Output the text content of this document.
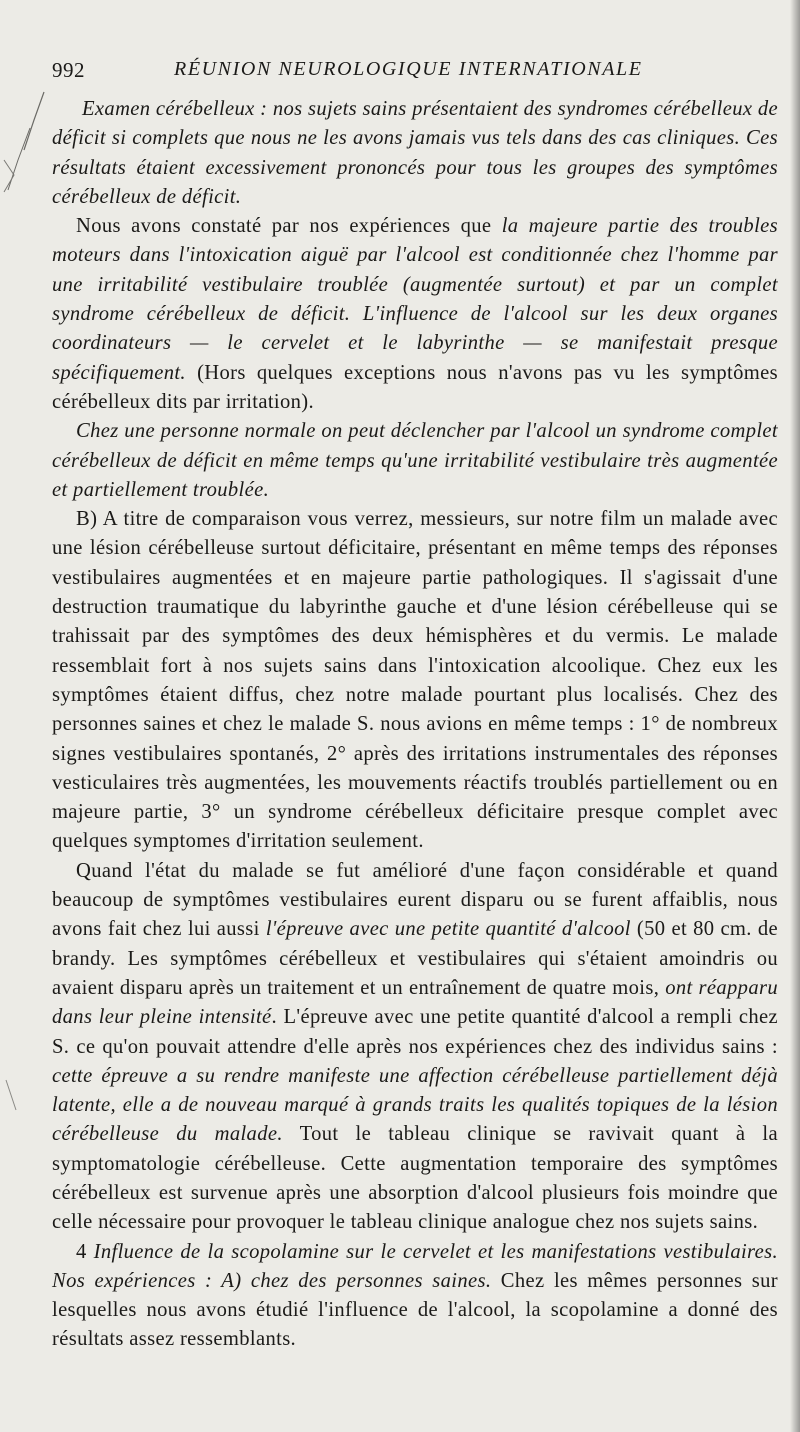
992	RÉUNION NEUROLOGIQUE INTERNATIONALE

Examen cérébelleux : nos sujets sains présentaient des syndromes cérébelleux de déficit si complets que nous ne les avons jamais vus tels dans des cas cliniques. Ces résultats étaient excessivement prononcés pour tous les groupes des symptômes cérébelleux de déficit.

Nous avons constaté par nos expériences que la majeure partie des troubles moteurs dans l'intoxication aiguë par l'alcool est conditionnée chez l'homme par une irritabilité vestibulaire troublée (augmentée surtout) et par un complet syndrome cérébelleux de déficit. L'influence de l'alcool sur les deux organes coordinateurs — le cervelet et le labyrinthe — se manifestait presque spécifiquement. (Hors quelques exceptions nous n'avons pas vu les symptômes cérébelleux dits par irritation).

Chez une personne normale on peut déclencher par l'alcool un syndrome complet cérébelleux de déficit en même temps qu'une irritabilité vestibulaire très augmentée et partiellement troublée.

B) A titre de comparaison vous verrez, messieurs, sur notre film un malade avec une lésion cérébelleuse surtout déficitaire, présentant en même temps des réponses vestibulaires augmentées et en majeure partie pathologiques. Il s'agissait d'une destruction traumatique du labyrinthe gauche et d'une lésion cérébelleuse qui se trahissait par des symptômes des deux hémisphères et du vermis. Le malade ressemblait fort à nos sujets sains dans l'intoxication alcoolique. Chez eux les symptômes étaient diffus, chez notre malade pourtant plus localisés. Chez des personnes saines et chez le malade S. nous avions en même temps : 1° de nombreux signes vestibulaires spontanés, 2° après des irritations instrumentales des réponses vesticulaires très augmentées, les mouvements réactifs troublés partiellement ou en majeure partie, 3° un syndrome cérébelleux déficitaire presque complet avec quelques symptomes d'irritation seulement.

Quand l'état du malade se fut amélioré d'une façon considérable et quand beaucoup de symptômes vestibulaires eurent disparu ou se furent affaiblis, nous avons fait chez lui aussi l'épreuve avec une petite quantité d'alcool (50 et 80 cm. de brandy. Les symptômes cérébelleux et vestibulaires qui s'étaient amoindris ou avaient disparu après un traitement et un entraînement de quatre mois, ont réapparu dans leur pleine intensité. L'épreuve avec une petite quantité d'alcool a rempli chez S. ce qu'on pouvait attendre d'elle après nos expériences chez des individus sains : cette épreuve a su rendre manifeste une affection cérébelleuse partiellement déjà latente, elle a de nouveau marqué à grands traits les qualités topiques de la lésion cérébelleuse du malade. Tout le tableau clinique se ravivait quant à la symptomatologie cérébelleuse. Cette augmentation temporaire des symptômes cérébelleux est survenue après une absorption d'alcool plusieurs fois moindre que celle nécessaire pour provoquer le tableau clinique analogue chez nos sujets sains.

4 Influence de la scopolamine sur le cervelet et les manifestations vestibulaires. Nos expériences : A) chez des personnes saines. Chez les mêmes personnes sur lesquelles nous avons étudié l'influence de l'alcool, la scopolamine a donné des résultats assez ressemblants.
